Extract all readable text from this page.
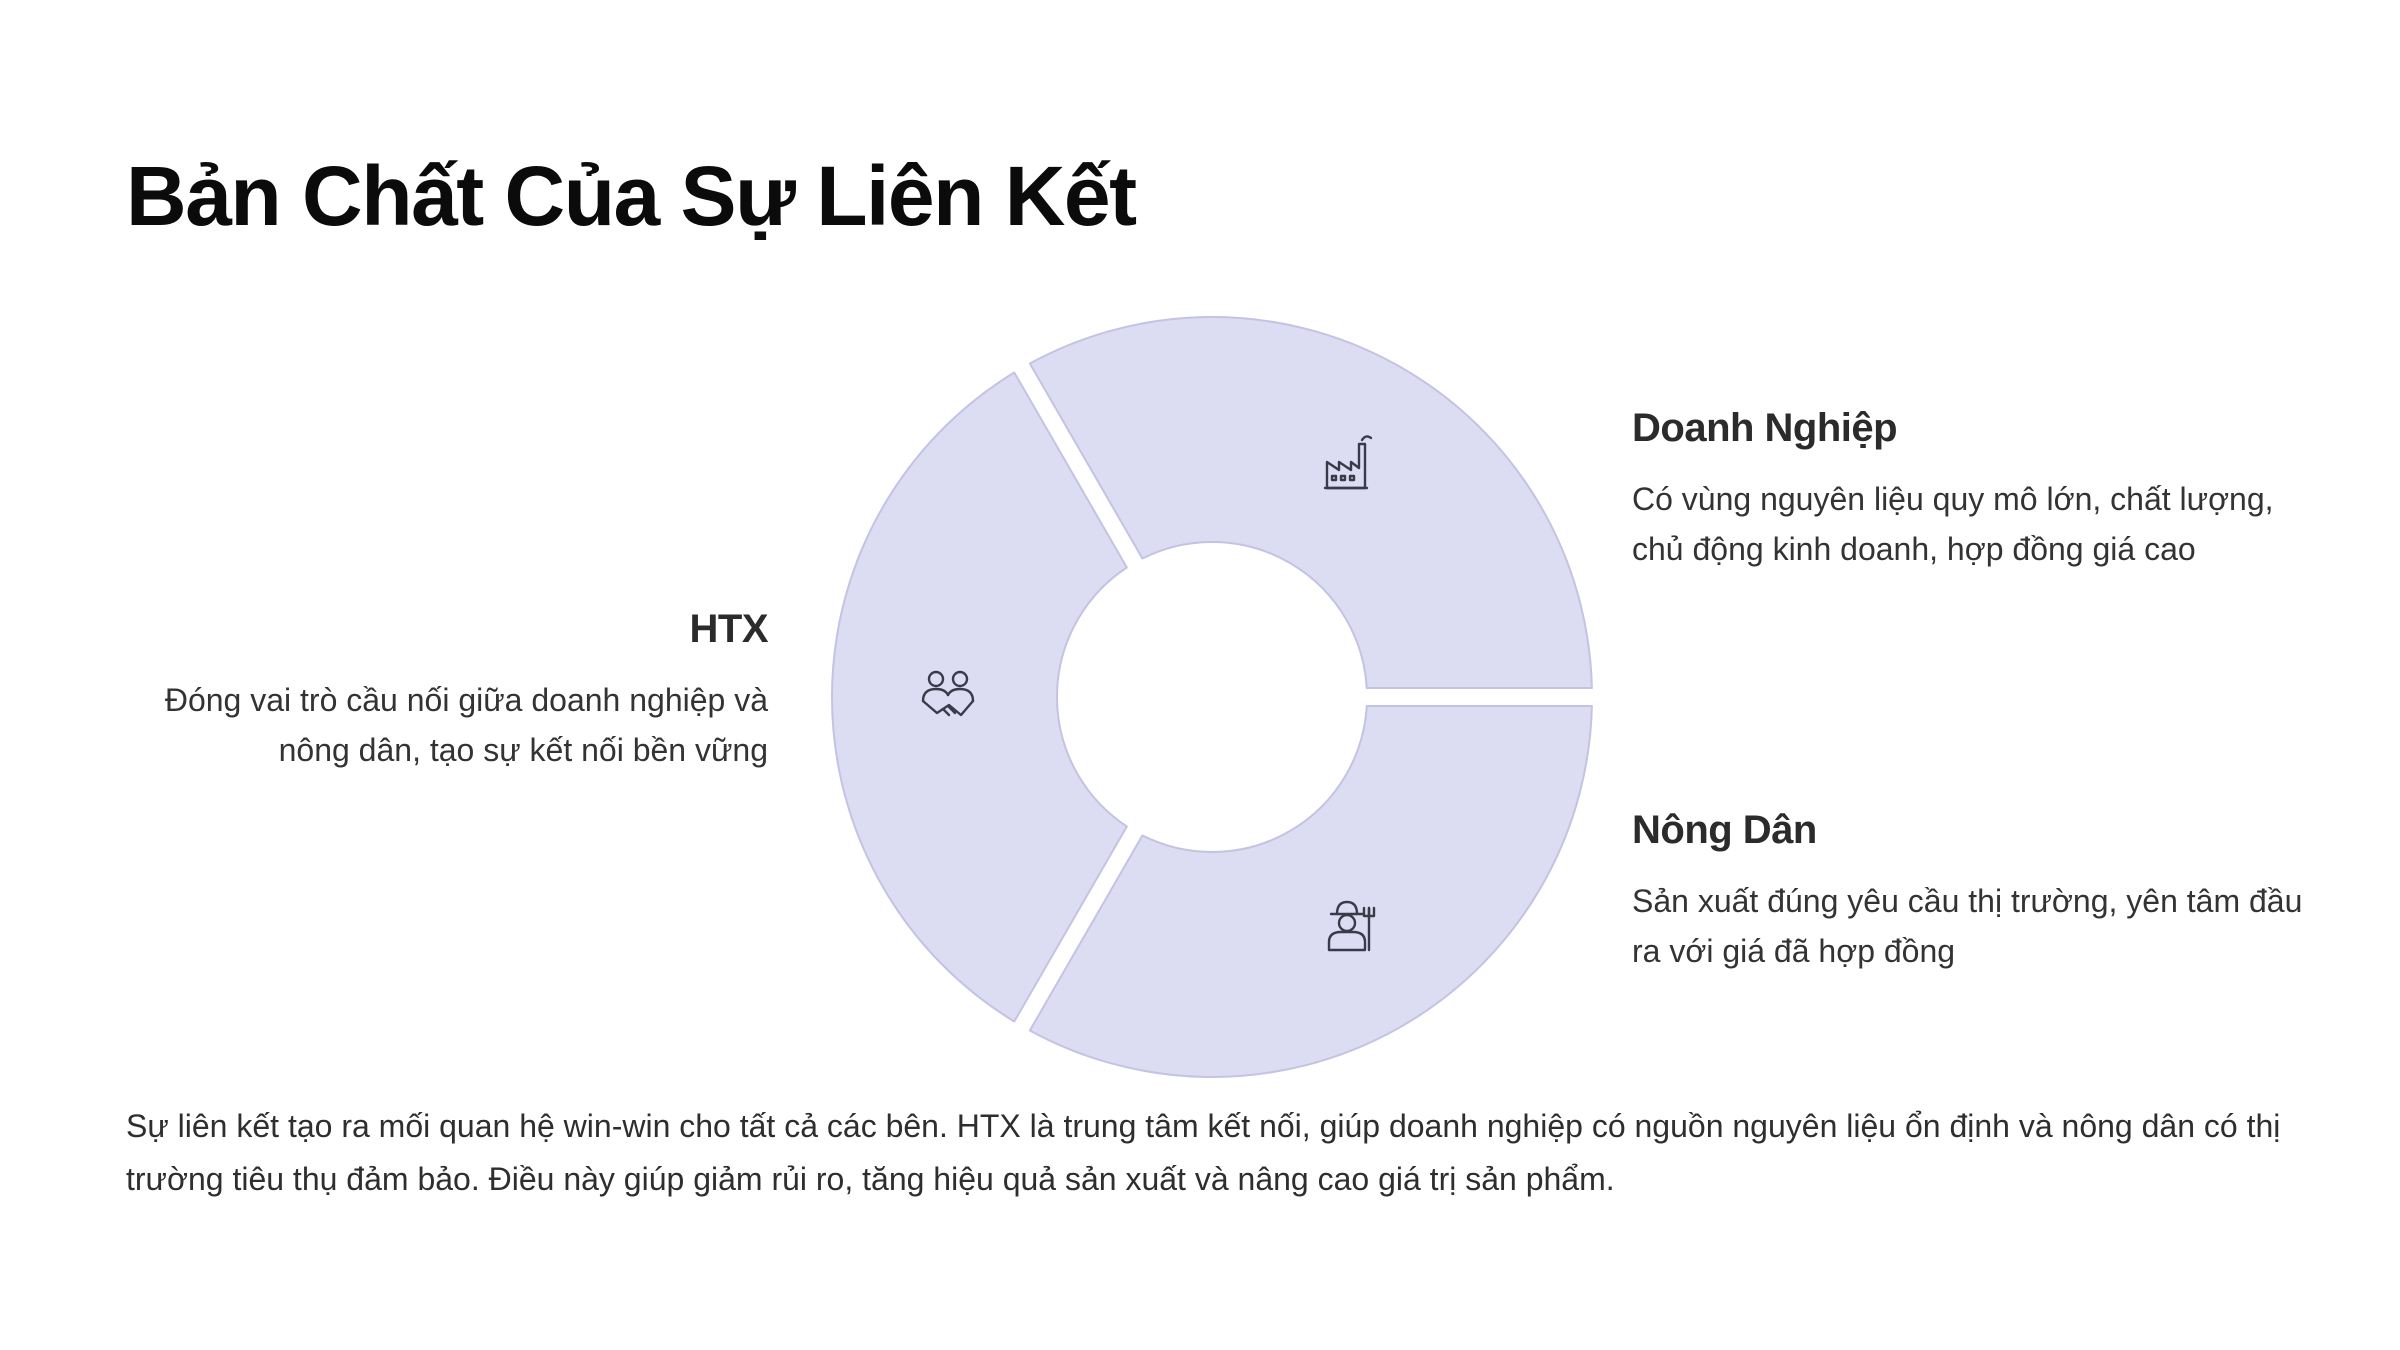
Bản Chất Của Sự Liên Kết

HTX

Đóng vai trò cầu nối giữa doanh nghiệp và nông dân, tạo sự kết nối bền vững

Doanh Nghiệp

Có vùng nguyên liệu quy mô lớn, chất lượng, chủ động kinh doanh, hợp đồng giá cao

Nông Dân

Sản xuất đúng yêu cầu thị trường, yên tâm đầu ra với giá đã hợp đồng

Sự liên kết tạo ra mối quan hệ win-win cho tất cả các bên. HTX là trung tâm kết nối, giúp doanh nghiệp có nguồn nguyên liệu ổn định và nông dân có thị trường tiêu thụ đảm bảo. Điều này giúp giảm rủi ro, tăng hiệu quả sản xuất và nâng cao giá trị sản phẩm.
